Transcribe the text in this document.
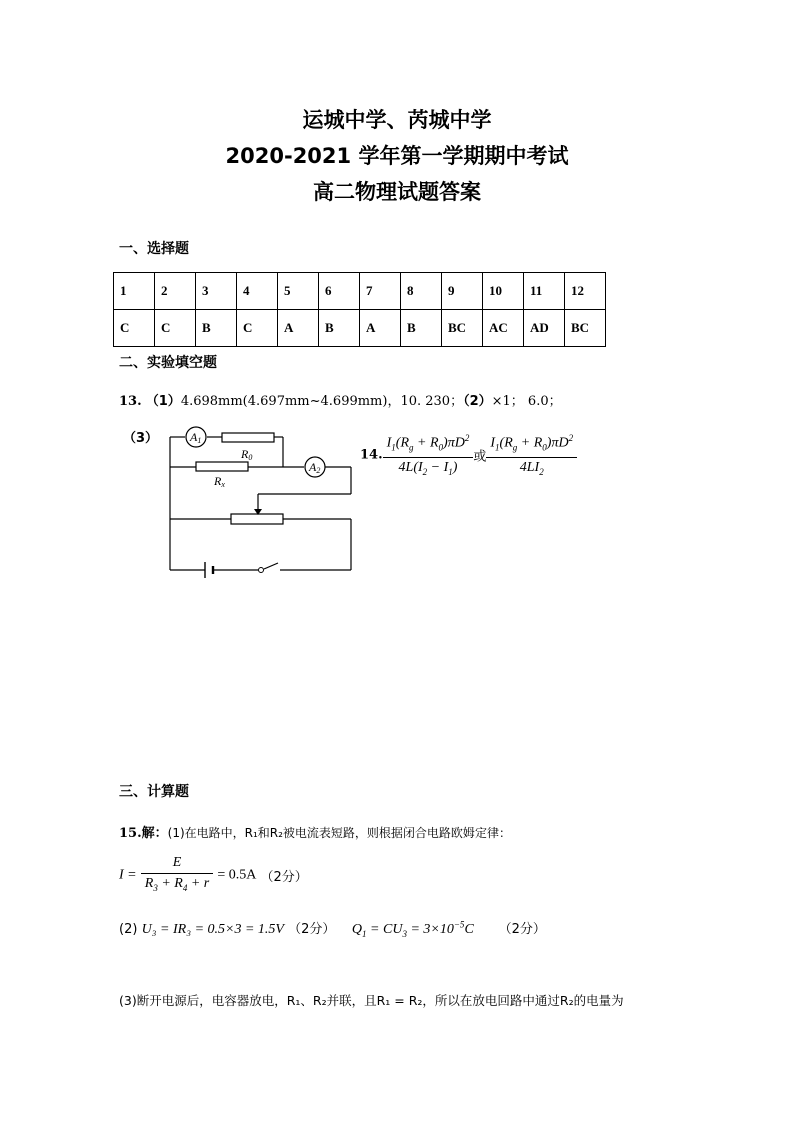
运城中学、芮城中学
2020-2021 学年第一学期期中考试
高二物理试题答案
一、选择题
1	2	3	4	5	6	7	8	9	10	11	12
C	C	B	C	A	B	A	B	BC	AC	AD	BC
二、实验填空题
13. （1）4.698mm(4.697mm~4.699mm)，10. 230；（2）×1； 6.0；
（3）	A1
A2
R0
Rx
14. $\frac{I_1(R_g + R_0)\pi D^2}{4L(I_2 - I_1)}$ 或 $\frac{I_1(R_g + R_0)\pi D^2}{4LI_2}$
三、计算题
15.解：(1)在电路中，R₁和R₂被电流表短路，则根据闭合电路欧姆定律：
$I = \frac{E}{R_3 + R_4 + r} = 0.5A$ （2分）
(2) U₃ = IR₃ = 0.5×3 = 1.5V （2分） $Q_1 = CU_3 = 3\times 10^{-5}C$ （2分）
(3)断开电源后，电容器放电，R₁、R₂并联，且R₁ = R₂，所以在放电回路中通过R₂的电量为
